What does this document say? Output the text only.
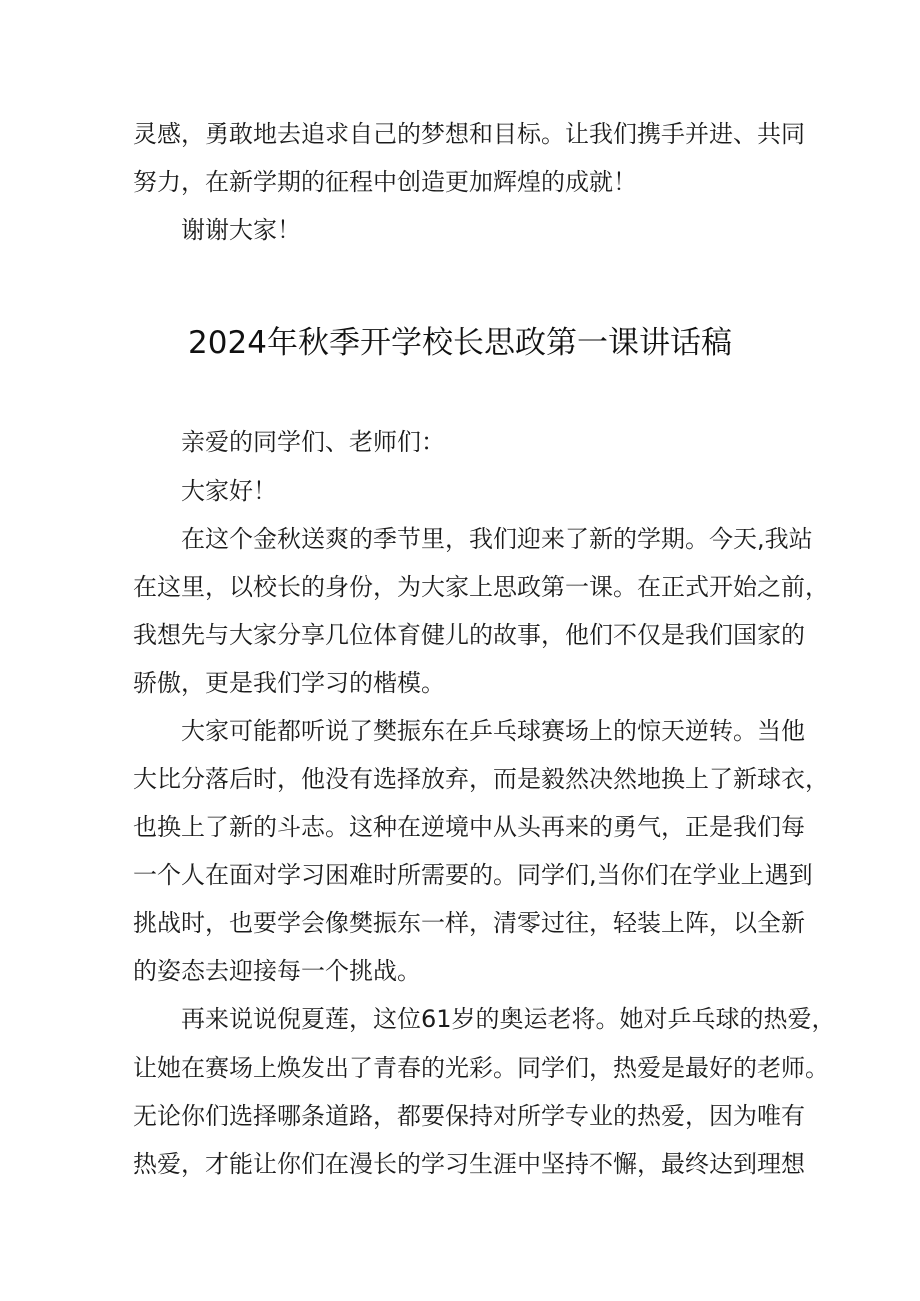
灵感，勇敢地去追求自己的梦想和目标。让我们携手并进、共同
努力，在新学期的征程中创造更加辉煌的成就！
谢谢大家！
2024年秋季开学校长思政第一课讲话稿
亲爱的同学们、老师们：
大家好！
在这个金秋送爽的季节里，我们迎来了新的学期。今天,我站
在这里，以校长的身份，为大家上思政第一课。在正式开始之前，
我想先与大家分享几位体育健儿的故事，他们不仅是我们国家的
骄傲，更是我们学习的楷模。
大家可能都听说了樊振东在乒乓球赛场上的惊天逆转。当他
大比分落后时，他没有选择放弃，而是毅然决然地换上了新球衣，
也换上了新的斗志。这种在逆境中从头再来的勇气，正是我们每
一个人在面对学习困难时所需要的。同学们,当你们在学业上遇到
挑战时，也要学会像樊振东一样，清零过往，轻装上阵，以全新
的姿态去迎接每一个挑战。
再来说说倪夏莲，这位61岁的奥运老将。她对乒乓球的热爱，
让她在赛场上焕发出了青春的光彩。同学们，热爱是最好的老师。
无论你们选择哪条道路，都要保持对所学专业的热爱，因为唯有
热爱，才能让你们在漫长的学习生涯中坚持不懈，最终达到理想
